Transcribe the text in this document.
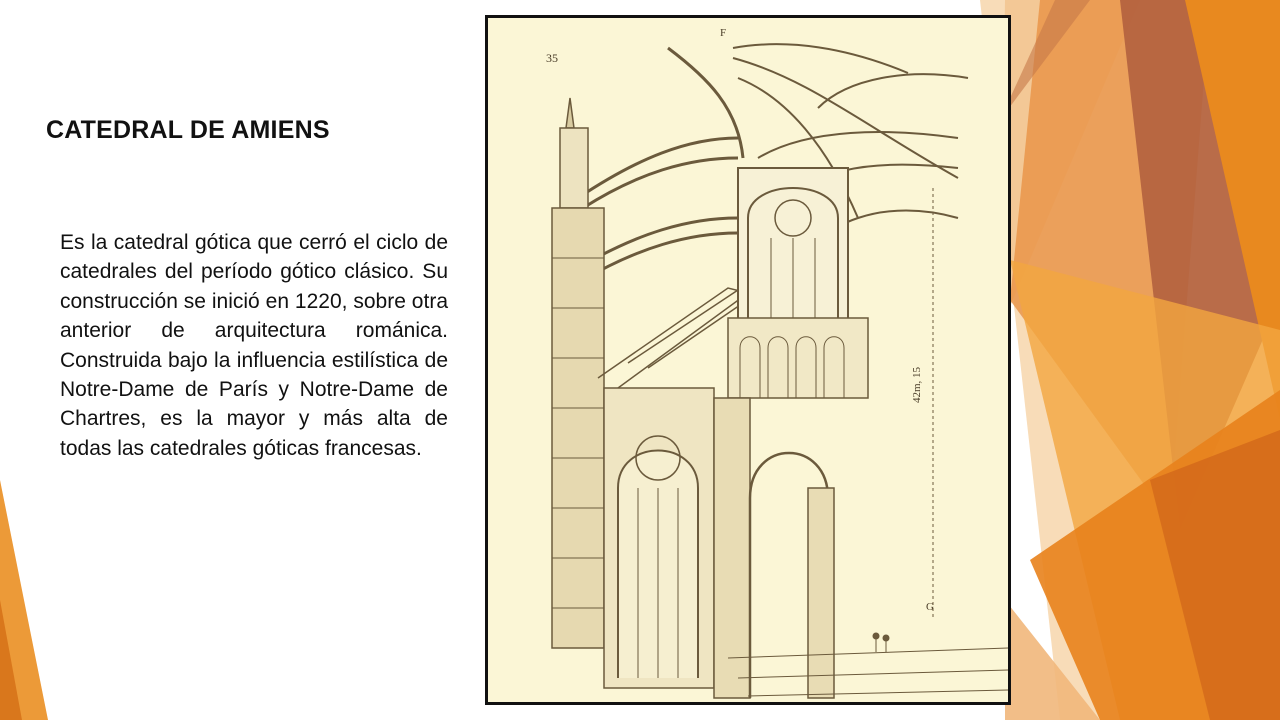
CATEDRAL DE AMIENS

Es la catedral gótica que cerró el ciclo de catedrales del período gótico clásico. Su construcción se inició en 1220, sobre otra anterior de arquitectura románica. Construida bajo la influencia estilística de Notre-Dame de París y Notre-Dame de Chartres, es la mayor y más alta de todas las catedrales góticas francesas.

35
F
42m, 15
G
